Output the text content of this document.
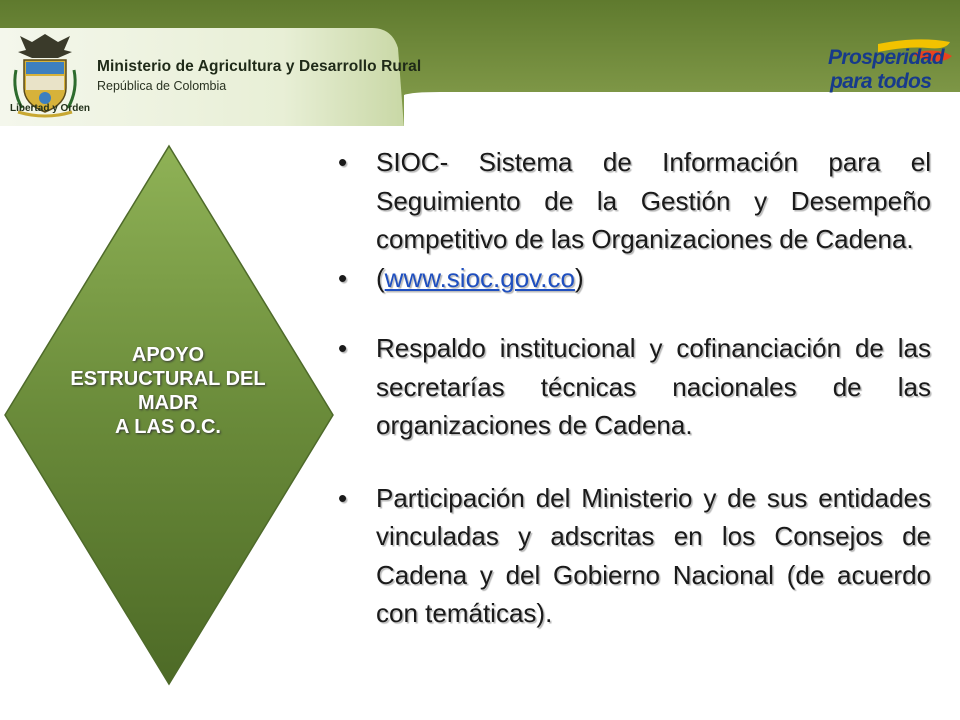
Libertad y Orden

Ministerio de Agricultura y Desarrollo Rural

República de Colombia

Prosperidad

para todos

APOYO
ESTRUCTURAL DEL
MADR
A LAS O.C.
• SIOC- Sistema de Información para el Seguimiento de la Gestión y Desempeño competitivo de las Organizaciones de Cadena.
• (www.sioc.gov.co)
• Respaldo institucional y cofinanciación de las secretarías técnicas nacionales de las organizaciones de Cadena.
• Participación del Ministerio y de sus entidades vinculadas y adscritas en los Consejos de Cadena y del Gobierno Nacional (de acuerdo con temáticas).
